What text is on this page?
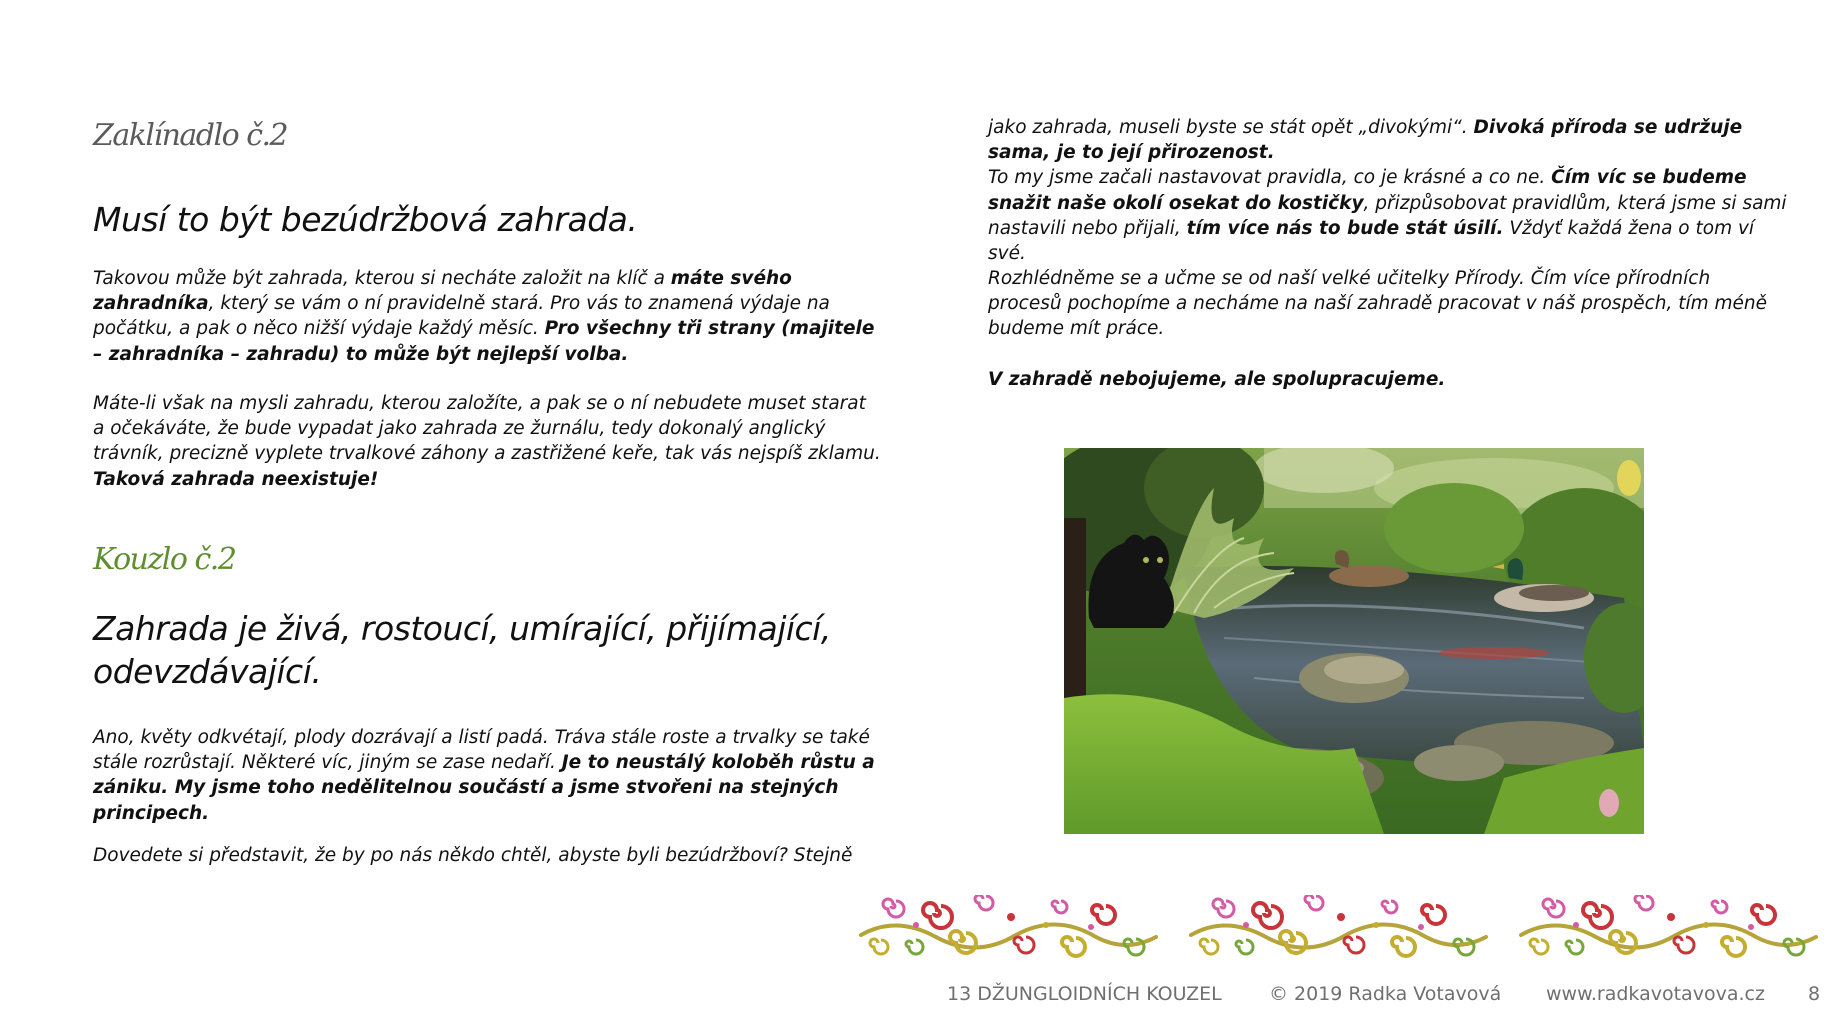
Zaklínadlo č.2
Musí to být bezúdržbová zahrada.

Takovou může být zahrada, kterou si necháte založit na klíč a máte svého zahradníka, který se vám o ní pravidelně stará. Pro vás to znamená výdaje na počátku, a pak o něco nižší výdaje každý měsíc. Pro všechny tři strany (majitele – zahradníka – zahradu) to může být nejlepší volba.

Máte-li však na mysli zahradu, kterou založíte, a pak se o ní nebudete muset starat a očekáváte, že bude vypadat jako zahrada ze žurnálu, tedy dokonalý anglický trávník, precizně vyplete trvalkové záhony a zastřižené keře, tak vás nejspíš zklamu. Taková zahrada neexistuje!

Kouzlo č.2
Zahrada je živá, rostoucí, umírající, přijímající, odevzdávající.

Ano, květy odkvétají, plody dozrávají a listí padá. Tráva stále roste a trvalky se také stále rozrůstají. Některé víc, jiným se zase nedaří. Je to neustálý koloběh růstu a zániku. My jsme toho nedělitelnou součástí a jsme stvořeni na stejných principech.

Dovedete si představit, že by po nás někdo chtěl, abyste byli bezúdržboví? Stejně

jako zahrada, museli byste se stát opět „divokými“. Divoká příroda se udržuje sama, je to její přirozenost.
To my jsme začali nastavovat pravidla, co je krásné a co ne. Čím víc se budeme snažit naše okolí osekat do kostičky, přizpůsobovat pravidlům, která jsme si sami nastavili nebo přijali, tím více nás to bude stát úsilí. Vždyť každá žena o tom ví své.

Rozhlédněme se a učme se od naší velké učitelky Přírody. Čím více přírodních procesů pochopíme a necháme na naší zahradě pracovat v náš prospěch, tím méně budeme mít práce.

V zahradě nebojujeme, ale spolupracujeme.

13 DŽUNGLOIDNÍCH KOUZEL © 2019 Radka Votavová www.radkavotavova.cz 8
